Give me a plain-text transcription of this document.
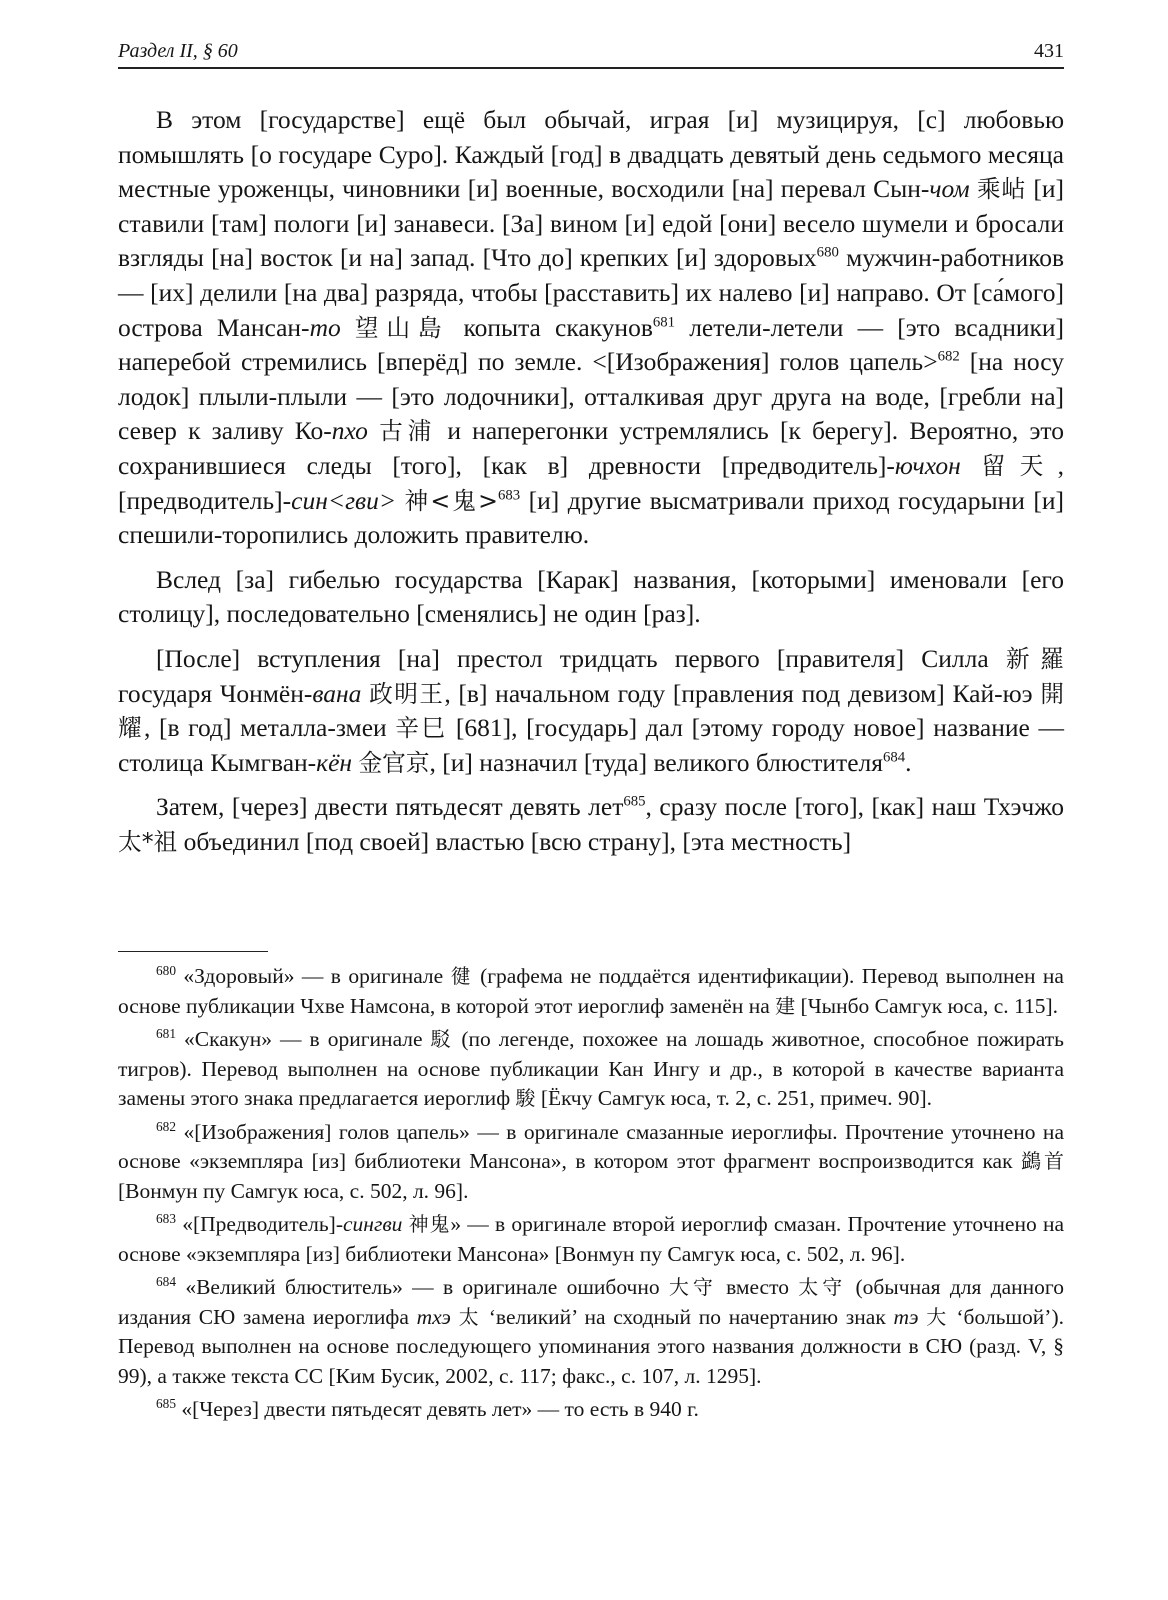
Раздел II, § 60	431

В этом [государстве] ещё был обычай, играя [и] музицируя, [с] любовью помышлять [о государе Суро]. Каждый [год] в двадцать девятый день седьмого месяца местные уроженцы, чиновники [и] военные, восходили [на] перевал Сын-чом 乘岾 [и] ставили [там] пологи [и] занавеси. [За] вином [и] едой [они] весело шумели и бросали взгляды [на] восток [и на] запад. [Что до] крепких [и] здоровых$^{680}$ мужчин-работников — [их] делили [на два] разряда, чтобы [расставить] их налево [и] направо. От [са́мого] острова Мансан-то 望山島 копыта скакунов$^{681}$ летели-летели — [это всадники] наперебой стремились [вперёд] по земле. <[Изображения] голов цапель>$^{682}$ [на носу лодок] плыли-плыли — [это лодочники], отталкивая друг друга на воде, [гребли на] север к заливу Ко-пхо 古浦 и наперегонки устремлялись [к берегу]. Вероятно, это сохранившиеся следы [того], [как в] древности [предводитель]-ючхон 留天, [предводитель]-син<гви> 神<鬼>$^{683}$ [и] другие высматривали приход государыни [и] спешили-торопились доложить правителю.

Вслед [за] гибелью государства [Карак] названия, [которыми] именовали [его столицу], последовательно [сменялись] не один [раз].

[После] вступления [на] престол тридцать первого [правителя] Силла 新羅 государя Чонмён-вана 政明王, [в] начальном году [правления под девизом] Кай-юэ 開耀, [в год] металла-змеи 辛巳 [681], [государь] дал [этому городу новое] название — столица Кымгван-кён 金官京, [и] назначил [туда] великого блюстителя$^{684}$.

Затем, [через] двести пятьдесят девять лет$^{685}$, сразу после [того], [как] наш Тхэчжо 太*祖 объединил [под своей] властью [всю страну], [эта местность]

$^{680}$ «Здоровый» — в оригинале 徤 (графема не поддаётся идентификации). Перевод выполнен на основе публикации Чхве Намсона, в которой этот иероглиф заменён на 建 [Чынбо Самгук юса, с. 115].

$^{681}$ «Скакун» — в оригинале 駁 (по легенде, похожее на лошадь животное, способное пожирать тигров). Перевод выполнен на основе публикации Кан Ингу и др., в которой в качестве варианта замены этого знака предлагается иероглиф 駿 [Ёкчу Самгук юса, т. 2, с. 251, примеч. 90].

$^{682}$ «[Изображения] голов цапель» — в оригинале смазанные иероглифы. Прочтение уточнено на основе «экземпляра [из] библиотеки Мансона», в котором этот фрагмент воспроизводится как 鷁首 [Вонмун пу Самгук юса, с. 502, л. 96].

$^{683}$ «[Предводитель]-сингви 神鬼» — в оригинале второй иероглиф смазан. Прочтение уточнено на основе «экземпляра [из] библиотеки Мансона» [Вонмун пу Самгук юса, с. 502, л. 96].

$^{684}$ «Великий блюститель» — в оригинале ошибочно 大守 вместо 太守 (обычная для данного издания СЮ замена иероглифа тхэ 太 ‘великий’ на сходный по начертанию знак тэ 大 ‘большой’). Перевод выполнен на основе последующего упоминания этого названия должности в СЮ (разд. V, § 99), а также текста СС [Ким Бусик, 2002, с. 117; факс., с. 107, л. 1295].

$^{685}$ «[Через] двести пятьдесят девять лет» — то есть в 940 г.
